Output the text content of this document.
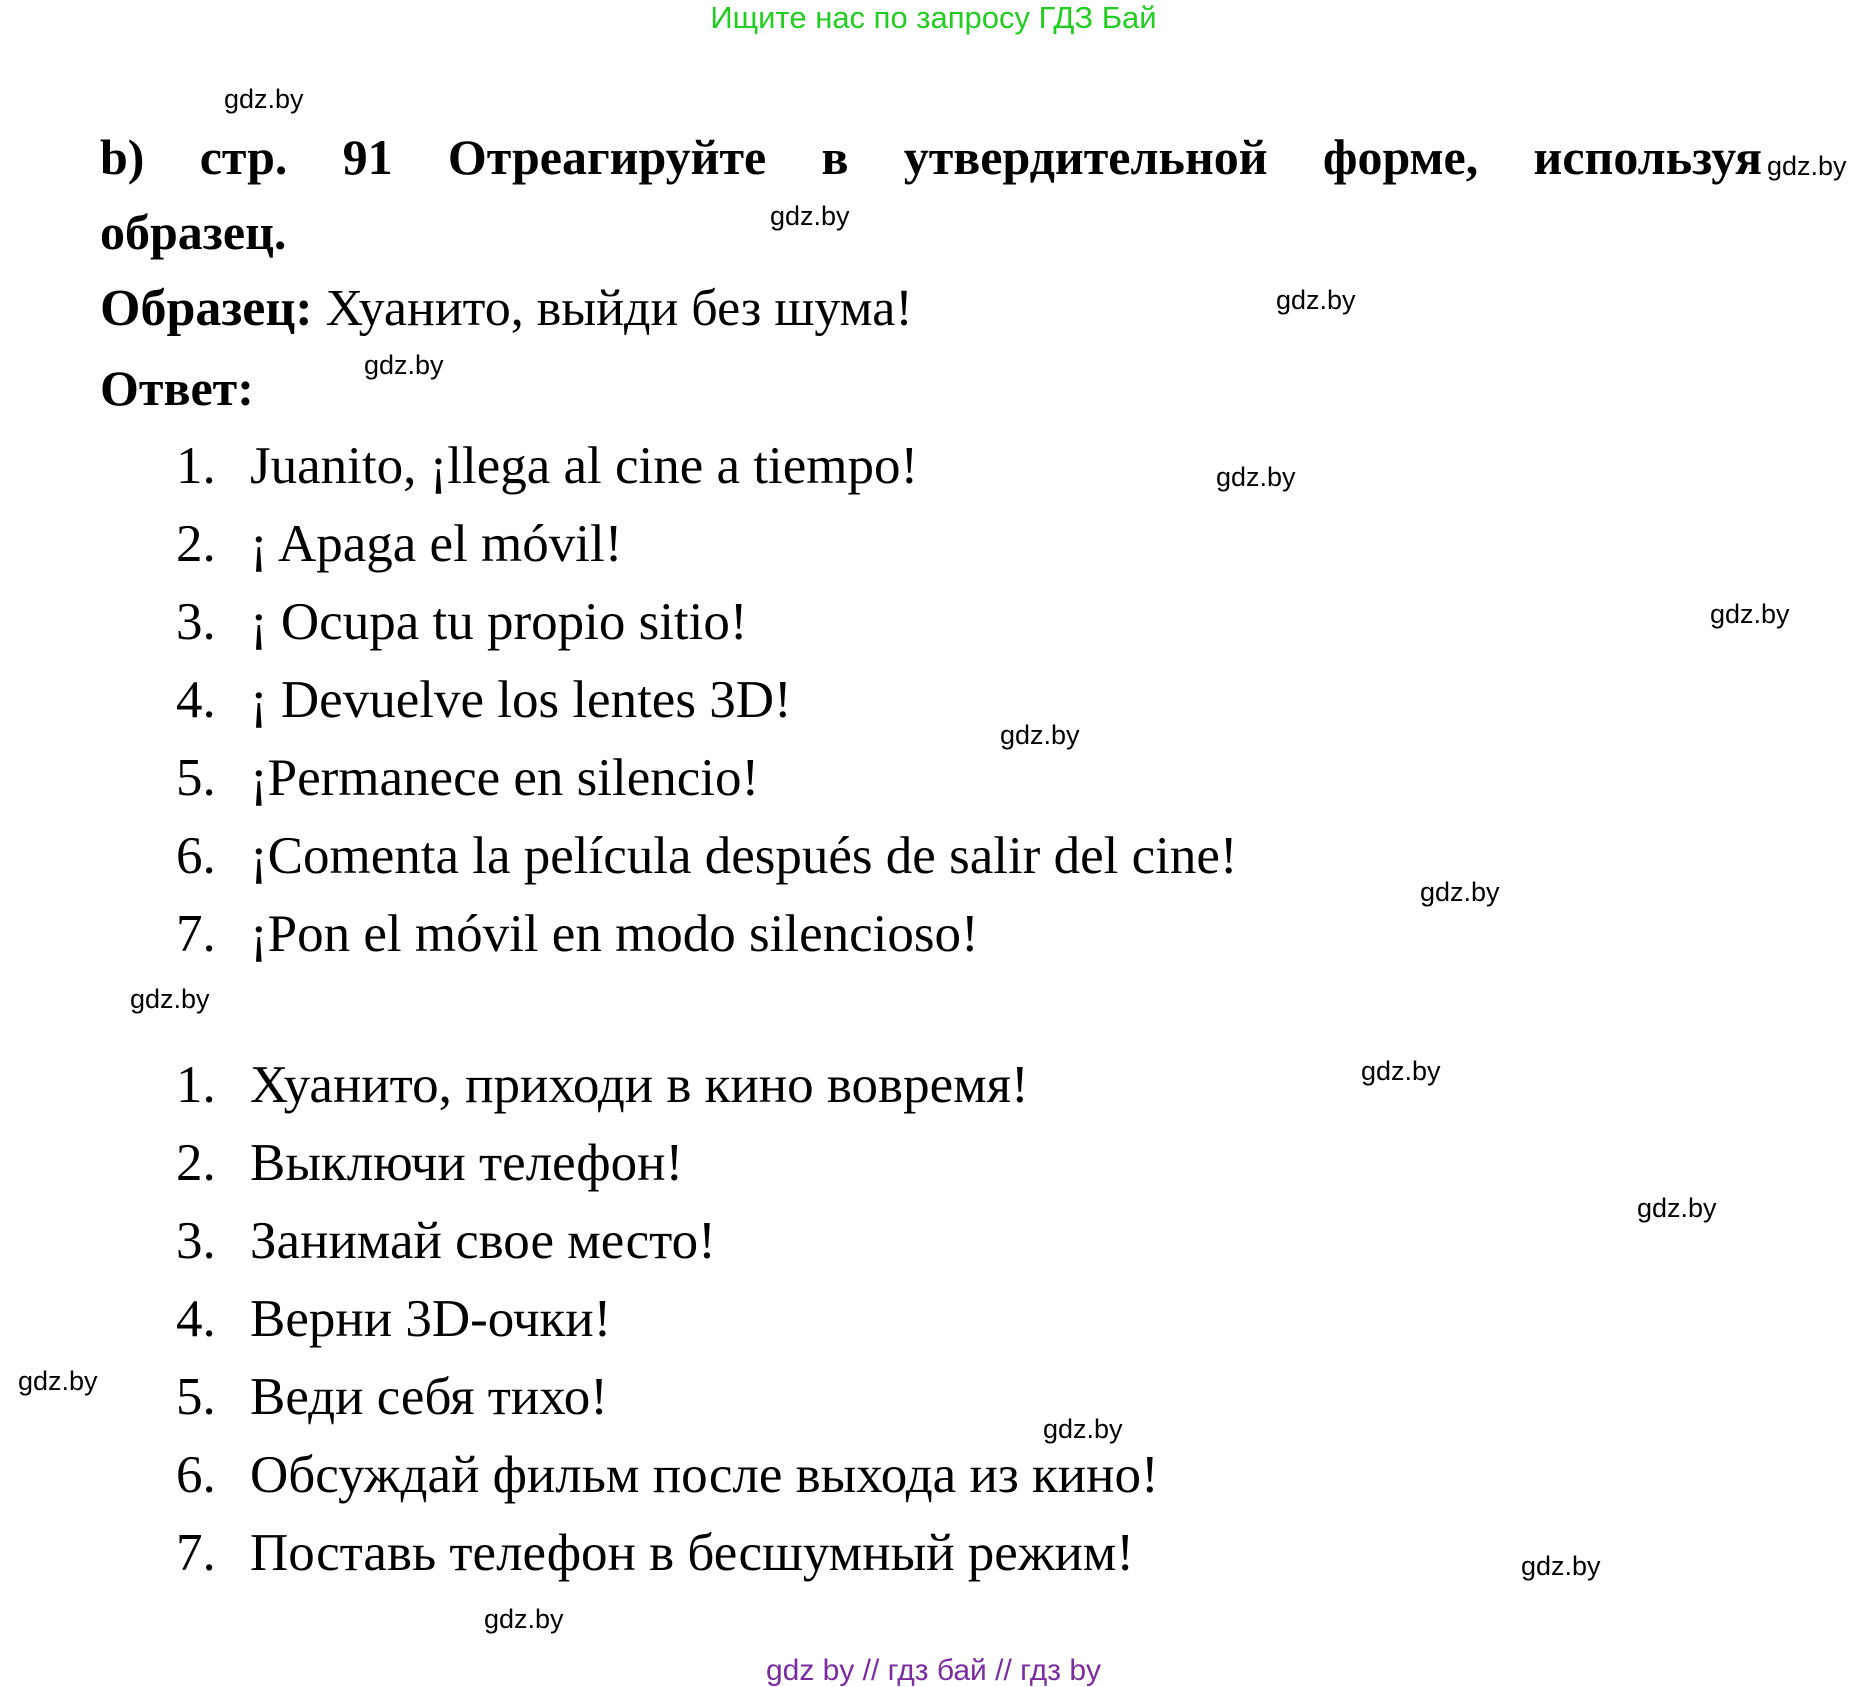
Ищите нас по запросу ГДЗ Бай
b) стр. 91 Отреагируйте в утвердительной форме, используя
образец.
Образец: Хуанито, выйди без шума!
Ответ:
1. Juanito, ¡llega al cine a tiempo!
2. ¡ Apaga el móvil!
3. ¡ Ocupa tu propio sitio!
4. ¡ Devuelve los lentes 3D!
5. ¡Permanece en silencio!
6. ¡Comenta la película después de salir del cine!
7. ¡Pon el móvil en modo silencioso!
1. Хуанито, приходи в кино вовремя!
2. Выключи телефон!
3. Занимай свое место!
4. Верни 3D-очки!
5. Веди себя тихо!
6. Обсуждай фильм после выхода из кино!
7. Поставь телефон в бесшумный режим!
gdz.by
gdz.by
gdz.by
gdz.by
gdz.by
gdz.by
gdz.by
gdz.by
gdz.by
gdz.by
gdz.by
gdz.by
gdz.by
gdz.by
gdz.by
gdz.by
gdz by // гдз бай // гдз by
